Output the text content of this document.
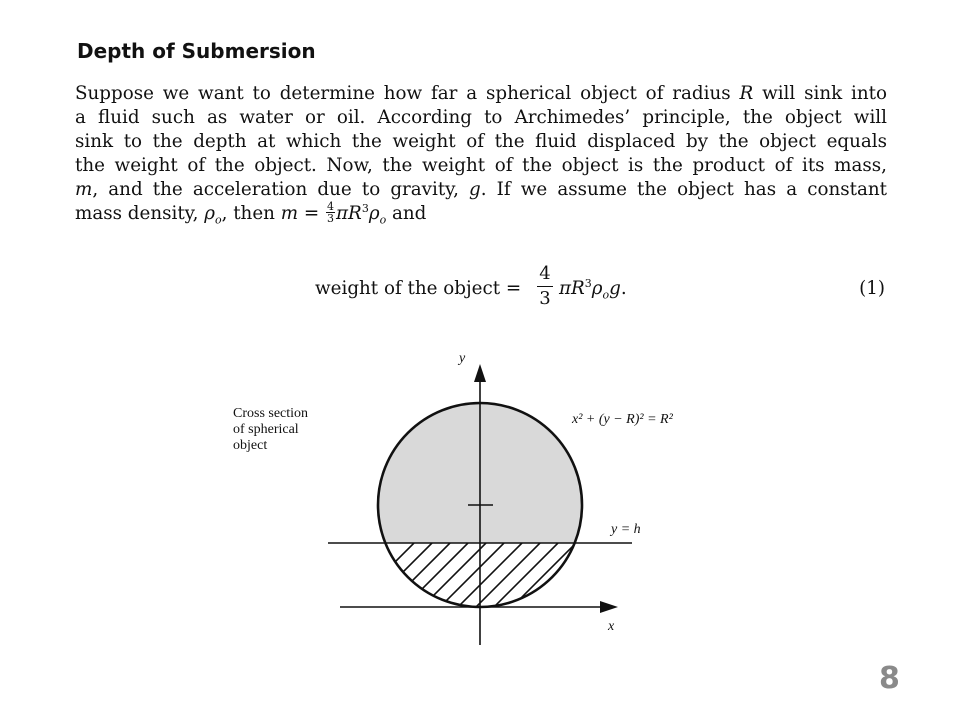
Depth of Submersion
Suppose we want to determine how far a spherical object of radius R will sink into
a fluid such as water or oil. According to Archimedes’ principle, the object will
sink to the depth at which the weight of the fluid displaced by the object equals
the weight of the object. Now, the weight of the object is the product of its mass,
m, and the acceleration due to gravity, g. If we assume the object has a constant
mass density, $\rho_o$, then $m = \frac{4}{3} \pi R^3\rho_o$ and
weight of the object = $\frac{4}{3} \pi R^3\rho_og$.	(1)
Cross section
of spherical
object
x² + (y − R)² = R²
y = h
y
x
8
